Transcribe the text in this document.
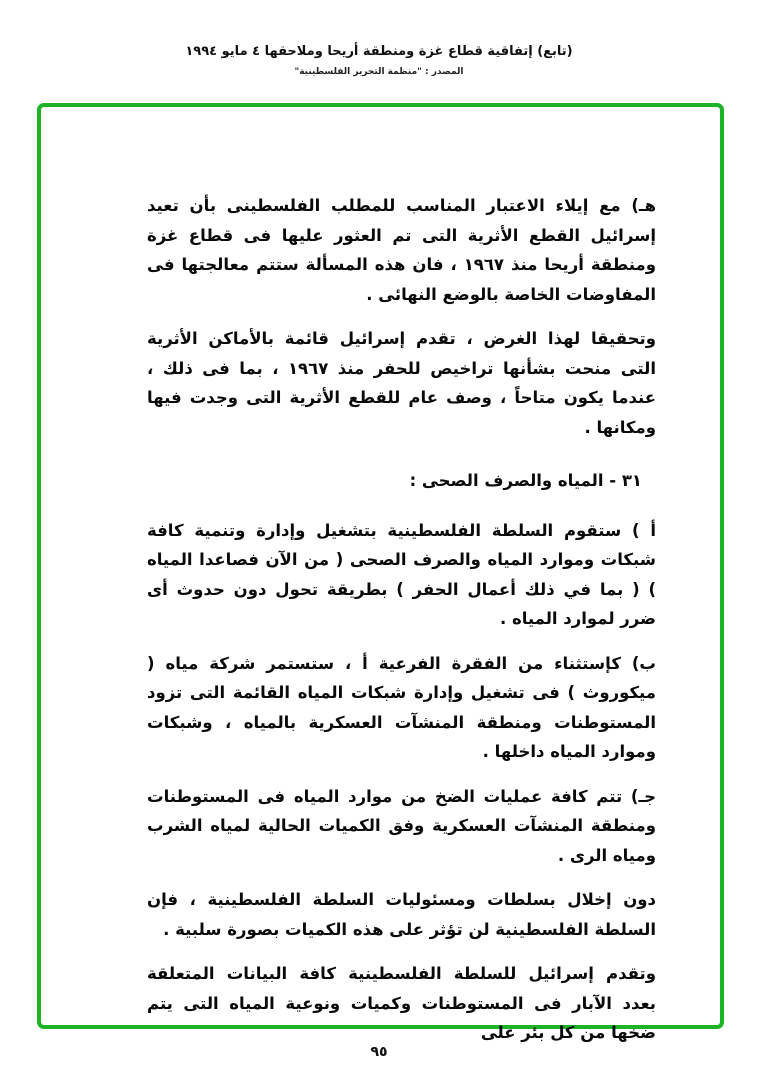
(تابع) إتفاقية قطاع غزة ومنطقة أريحا وملاحقها ٤ مايو ١٩٩٤
المصدر : "منظمة التحرير الفلسطينية"

هـ) مع إيلاء الاعتبار المناسب للمطلب الفلسطينى بأن تعيد إسرائيل القطع الأثرية التى تم العثور عليها فى قطاع غزة ومنطقة أريحا منذ ١٩٦٧ ، فان هذه المسألة ستتم معالجتها فى المفاوضات الخاصة بالوضع النهائى .

وتحقيقا لهذا الغرض ، تقدم إسرائيل قائمة بالأماكن الأثرية التى منحت بشأنها تراخيص للحفر منذ ١٩٦٧ ، بما فى ذلك ، عندما يكون متاحاً ، وصف عام للقطع الأثرية التى وجدت فيها ومكانها .

٣١ - المياه والصرف الصحى :

أ ) ستقوم السلطة الفلسطينية بتشغيل وإدارة وتنمية كافة شبكات وموارد المياه والصرف الصحى ( من الآن فصاعدا المياه ) ( بما في ذلك أعمال الحفر ) بطريقة تحول دون حدوث أى ضرر لموارد المياه .

ب) كإستثناء من الفقرة الفرعية أ ، ستستمر شركة مياه ( ميكوروث ) فى تشغيل وإدارة شبكات المياه القائمة التى تزود المستوطنات ومنطقة المنشآت العسكرية بالمياه ، وشبكات وموارد المياه داخلها .

جـ) تتم كافة عمليات الضخ من موارد المياه فى المستوطنات ومنطقة المنشآت العسكرية وفق الكميات الحالية لمياه الشرب ومياه الرى .

دون إخلال بسلطات ومسئوليات السلطة الفلسطينية ، فإن السلطة الفلسطينية لن تؤثر على هذه الكميات بصورة سلبية .

وتقدم إسرائيل للسلطة الفلسطينية كافة البيانات المتعلقة بعدد الآبار فى المستوطنات وكميات ونوعية المياه التى يتم ضخها من كل بئر على

٩٥
